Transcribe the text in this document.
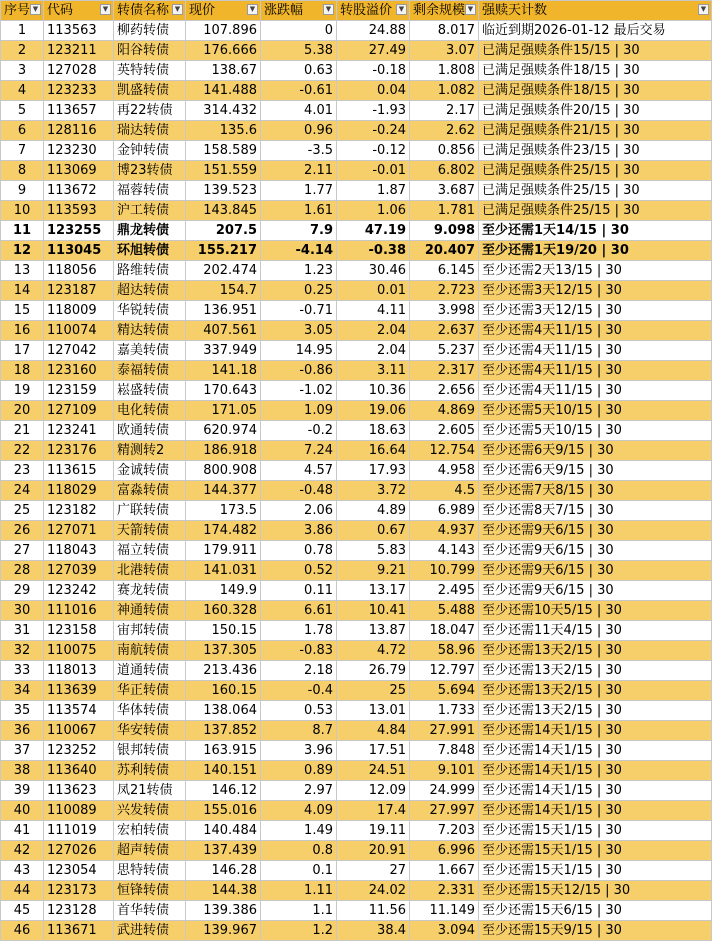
序号 ▼	代码 ▼	转债名称 ▼	现价 ▼	涨跌幅 ▼	转股溢价 ▼	剩余规模 ▼	强赎天计数 ▼

1	113563	柳药转债	107.896	0	24.88	8.017	临近到期2026-01-12 最后交易
2	123211	阳谷转债	176.666	5.38	27.49	3.07	已满足强赎条件15/15 | 30
3	127028	英特转债	138.67	0.63	-0.18	1.808	已满足强赎条件18/15 | 30
4	123233	凯盛转债	141.488	-0.61	0.04	1.082	已满足强赎条件18/15 | 30
5	113657	再22转债	314.432	4.01	-1.93	2.17	已满足强赎条件20/15 | 30
6	128116	瑞达转债	135.6	0.96	-0.24	2.62	已满足强赎条件21/15 | 30
7	123230	金钟转债	158.589	-3.5	-0.12	0.856	已满足强赎条件23/15 | 30
8	113069	博23转债	151.559	2.11	-0.01	6.802	已满足强赎条件25/15 | 30
9	113672	福蓉转债	139.523	1.77	1.87	3.687	已满足强赎条件25/15 | 30
10	113593	沪工转债	143.845	1.61	1.06	1.781	已满足强赎条件25/15 | 30
11	123255	鼎龙转债	207.5	7.9	47.19	9.098	至少还需1天14/15 | 30
12	113045	环旭转债	155.217	-4.14	-0.38	20.407	至少还需1天19/20 | 30
13	118056	路维转债	202.474	1.23	30.46	6.145	至少还需2天13/15 | 30
14	123187	超达转债	154.7	0.25	0.01	2.723	至少还需3天12/15 | 30
15	118009	华锐转债	136.951	-0.71	4.11	3.998	至少还需3天12/15 | 30
16	110074	精达转债	407.561	3.05	2.04	2.637	至少还需4天11/15 | 30
17	127042	嘉美转债	337.949	14.95	2.04	5.237	至少还需4天11/15 | 30
18	123160	泰福转债	141.18	-0.86	3.11	2.317	至少还需4天11/15 | 30
19	123159	崧盛转债	170.643	-1.02	10.36	2.656	至少还需4天11/15 | 30
20	127109	电化转债	171.05	1.09	19.06	4.869	至少还需5天10/15 | 30
21	123241	欧通转债	620.974	-0.2	18.63	2.605	至少还需5天10/15 | 30
22	123176	精测转2	186.918	7.24	16.64	12.754	至少还需6天9/15 | 30
23	113615	金诚转债	800.908	4.57	17.93	4.958	至少还需6天9/15 | 30
24	118029	富淼转债	144.377	-0.48	3.72	4.5	至少还需7天8/15 | 30
25	123182	广联转债	173.5	2.06	4.89	6.989	至少还需8天7/15 | 30
26	127071	天箭转债	174.482	3.86	0.67	4.937	至少还需9天6/15 | 30
27	118043	福立转债	179.911	0.78	5.83	4.143	至少还需9天6/15 | 30
28	127039	北港转债	141.031	0.52	9.21	10.799	至少还需9天6/15 | 30
29	123242	赛龙转债	149.9	0.11	13.17	2.495	至少还需9天6/15 | 30
30	111016	神通转债	160.328	6.61	10.41	5.488	至少还需10天5/15 | 30
31	123158	宙邦转债	150.15	1.78	13.87	18.047	至少还需11天4/15 | 30
32	110075	南航转债	137.305	-0.83	4.72	58.96	至少还需13天2/15 | 30
33	118013	道通转债	213.436	2.18	26.79	12.797	至少还需13天2/15 | 30
34	113639	华正转债	160.15	-0.4	25	5.694	至少还需13天2/15 | 30
35	113574	华体转债	138.064	0.53	13.01	1.733	至少还需13天2/15 | 30
36	110067	华安转债	137.852	8.7	4.84	27.991	至少还需14天1/15 | 30
37	123252	银邦转债	163.915	3.96	17.51	7.848	至少还需14天1/15 | 30
38	113640	苏利转债	140.151	0.89	24.51	9.101	至少还需14天1/15 | 30
39	113623	凤21转债	146.12	2.97	12.09	24.999	至少还需14天1/15 | 30
40	110089	兴发转债	155.016	4.09	17.4	27.997	至少还需14天1/15 | 30
41	111019	宏柏转债	140.484	1.49	19.11	7.203	至少还需15天1/15 | 30
42	127026	超声转债	137.439	0.8	20.91	6.996	至少还需15天1/15 | 30
43	123054	思特转债	146.28	0.1	27	1.667	至少还需15天1/15 | 30
44	123173	恒锋转债	144.38	1.11	24.02	2.331	至少还需15天12/15 | 30
45	123128	首华转债	139.386	1.1	11.56	11.149	至少还需15天6/15 | 30
46	113671	武进转债	139.967	1.2	38.4	3.094	至少还需15天9/15 | 30
